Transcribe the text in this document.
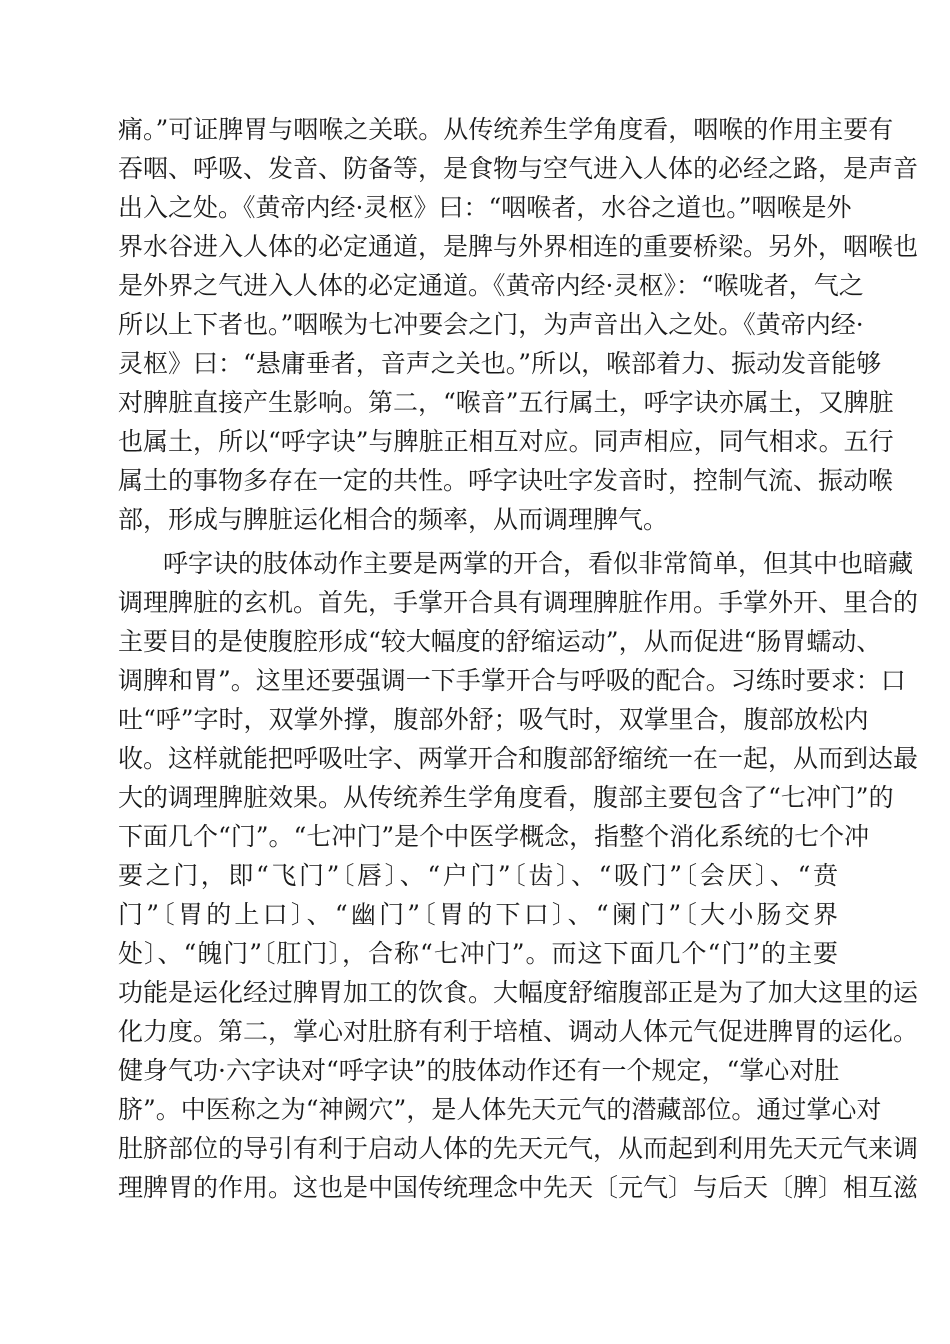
痛。”可证脾胃与咽喉之关联。从传统养生学角度看，咽喉的作用主要有
吞咽、呼吸、发音、防备等，是食物与空气进入人体的必经之路，是声音
出入之处。《黄帝内经·灵枢》曰：“咽喉者，水谷之道也。”咽喉是外
界水谷进入人体的必定通道，是脾与外界相连的重要桥梁。另外，咽喉也
是外界之气进入人体的必定通道。《黄帝内经·灵枢》：“喉咙者，气之
所以上下者也。”咽喉为七冲要会之门，为声音出入之处。《黄帝内经·
灵枢》曰：“悬庸垂者，音声之关也。”所以，喉部着力、振动发音能够
对脾脏直接产生影响。第二，“喉音”五行属土，呼字诀亦属土，又脾脏
也属土，所以“呼字诀”与脾脏正相互对应。同声相应，同气相求。五行
属土的事物多存在一定的共性。呼字诀吐字发音时，控制气流、振动喉
部，形成与脾脏运化相合的频率，从而调理脾气。
呼字诀的肢体动作主要是两掌的开合，看似非常简单，但其中也暗藏
调理脾脏的玄机。首先，手掌开合具有调理脾脏作用。手掌外开、里合的
主要目的是使腹腔形成“较大幅度的舒缩运动”，从而促进“肠胃蠕动、
调脾和胃”。这里还要强调一下手掌开合与呼吸的配合。习练时要求：口
吐“呼”字时，双掌外撑，腹部外舒；吸气时，双掌里合，腹部放松内
收。这样就能把呼吸吐字、两掌开合和腹部舒缩统一在一起，从而到达最
大的调理脾脏效果。从传统养生学角度看，腹部主要包含了“七冲门”的
下面几个“门”。“七冲门”是个中医学概念，指整个消化系统的七个冲
要之门，即“飞门”〔唇〕、“户门”〔齿〕、“吸门”〔会厌〕、“贲
门”〔胃的上口〕、“幽门”〔胃的下口〕、“阑门”〔大小肠交界
处〕、“魄门”〔肛门〕，合称“七冲门”。而这下面几个“门”的主要
功能是运化经过脾胃加工的饮食。大幅度舒缩腹部正是为了加大这里的运
化力度。第二，掌心对肚脐有利于培植、调动人体元气促进脾胃的运化。
健身气功·六字诀对“呼字诀”的肢体动作还有一个规定，“掌心对肚
脐”。中医称之为“神阙穴”，是人体先天元气的潜藏部位。通过掌心对
肚脐部位的导引有利于启动人体的先天元气，从而起到利用先天元气来调
理脾胃的作用。这也是中国传统理念中先天〔元气〕与后天〔脾〕相互滋
